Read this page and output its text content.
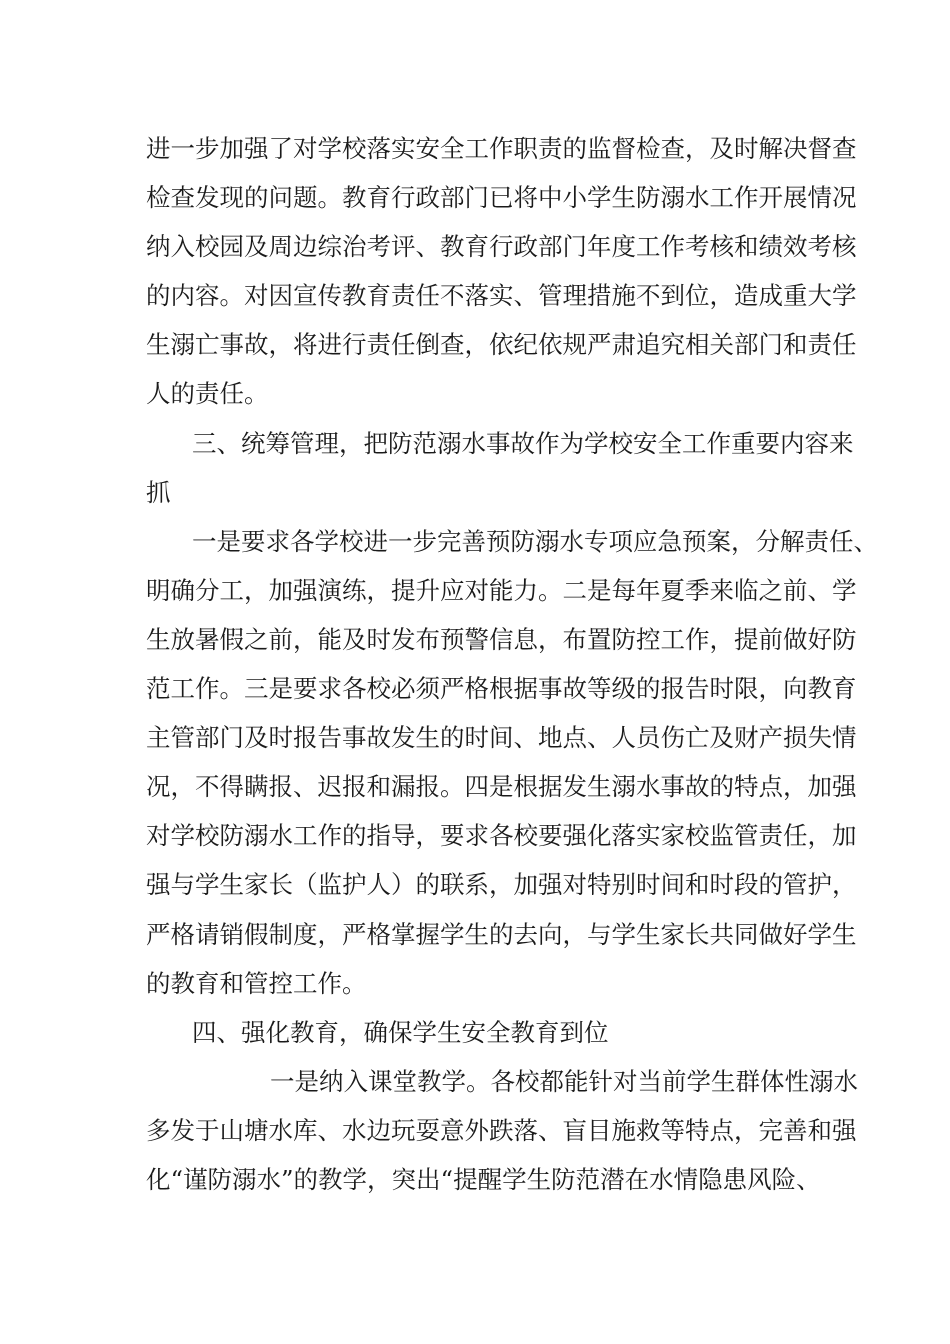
进一步加强了对学校落实安全工作职责的监督检查，及时解决督查
检查发现的问题。教育行政部门已将中小学生防溺水工作开展情况
纳入校园及周边综治考评、教育行政部门年度工作考核和绩效考核
的内容。对因宣传教育责任不落实、管理措施不到位，造成重大学
生溺亡事故，将进行责任倒查，依纪依规严肃追究相关部门和责任
人的责任。
三、统筹管理，把防范溺水事故作为学校安全工作重要内容来
抓
一是要求各学校进一步完善预防溺水专项应急预案，分解责任、
明确分工，加强演练，提升应对能力。二是每年夏季来临之前、学
生放暑假之前，能及时发布预警信息，布置防控工作，提前做好防
范工作。三是要求各校必须严格根据事故等级的报告时限，向教育
主管部门及时报告事故发生的时间、地点、人员伤亡及财产损失情
况，不得瞒报、迟报和漏报。四是根据发生溺水事故的特点，加强
对学校防溺水工作的指导，要求各校要强化落实家校监管责任，加
强与学生家长（监护人）的联系，加强对特别时间和时段的管护，
严格请销假制度，严格掌握学生的去向，与学生家长共同做好学生
的教育和管控工作。
四、强化教育，确保学生安全教育到位
一是纳入课堂教学。各校都能针对当前学生群体性溺水
多发于山塘水库、水边玩耍意外跌落、盲目施救等特点，完善和强
化“谨防溺水”的教学，突出“提醒学生防范潜在水情隐患风险、
